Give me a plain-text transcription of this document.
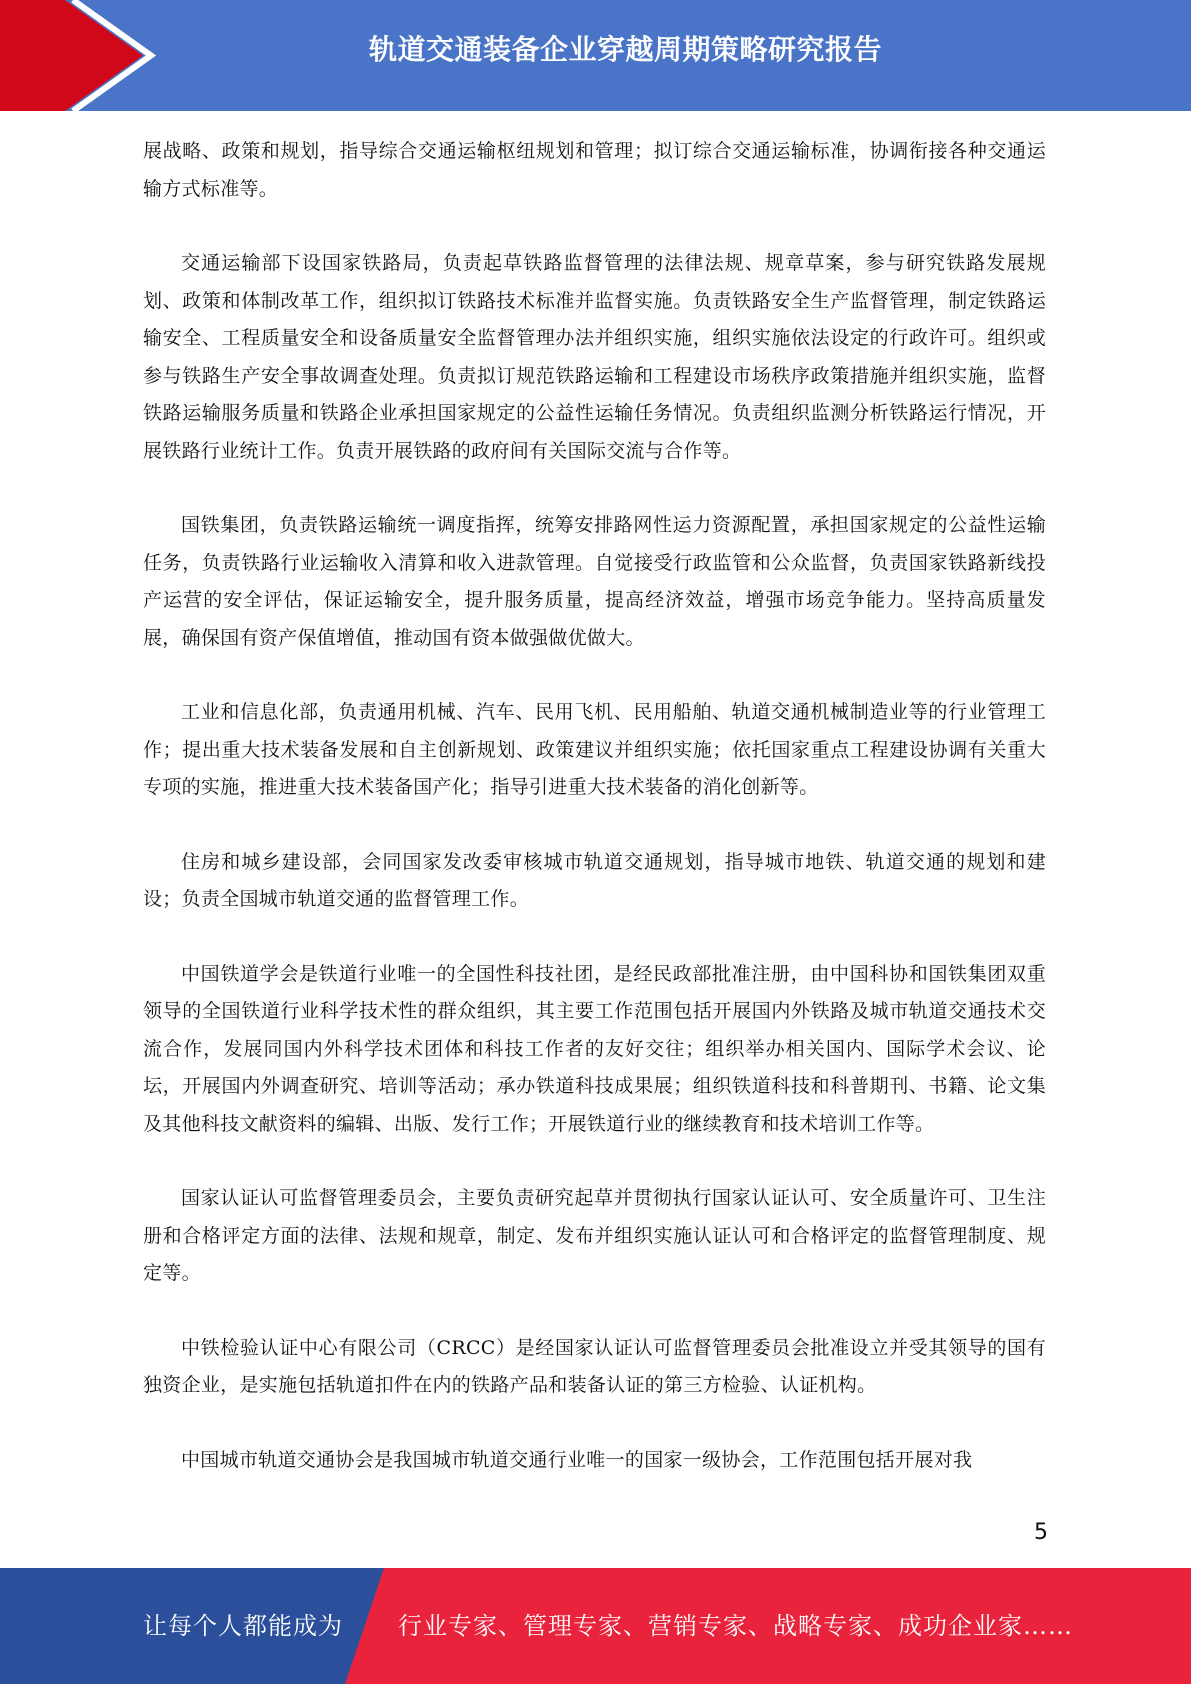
轨道交通装备企业穿越周期策略研究报告

展战略、政策和规划，指导综合交通运输枢纽规划和管理；拟订综合交通运输标准，协调衔接各种交通运输方式标准等。

交通运输部下设国家铁路局，负责起草铁路监督管理的法律法规、规章草案，参与研究铁路发展规划、政策和体制改革工作，组织拟订铁路技术标准并监督实施。负责铁路安全生产监督管理，制定铁路运输安全、工程质量安全和设备质量安全监督管理办法并组织实施，组织实施依法设定的行政许可。组织或参与铁路生产安全事故调查处理。负责拟订规范铁路运输和工程建设市场秩序政策措施并组织实施，监督铁路运输服务质量和铁路企业承担国家规定的公益性运输任务情况。负责组织监测分析铁路运行情况，开展铁路行业统计工作。负责开展铁路的政府间有关国际交流与合作等。

国铁集团，负责铁路运输统一调度指挥，统筹安排路网性运力资源配置，承担国家规定的公益性运输任务，负责铁路行业运输收入清算和收入进款管理。自觉接受行政监管和公众监督，负责国家铁路新线投产运营的安全评估，保证运输安全，提升服务质量，提高经济效益，增强市场竞争能力。坚持高质量发展，确保国有资产保值增值，推动国有资本做强做优做大。

工业和信息化部，负责通用机械、汽车、民用飞机、民用船舶、轨道交通机械制造业等的行业管理工作；提出重大技术装备发展和自主创新规划、政策建议并组织实施；依托国家重点工程建设协调有关重大专项的实施，推进重大技术装备国产化；指导引进重大技术装备的消化创新等。

住房和城乡建设部，会同国家发改委审核城市轨道交通规划，指导城市地铁、轨道交通的规划和建设；负责全国城市轨道交通的监督管理工作。

中国铁道学会是铁道行业唯一的全国性科技社团，是经民政部批准注册，由中国科协和国铁集团双重领导的全国铁道行业科学技术性的群众组织，其主要工作范围包括开展国内外铁路及城市轨道交通技术交流合作，发展同国内外科学技术团体和科技工作者的友好交往；组织举办相关国内、国际学术会议、论坛，开展国内外调查研究、培训等活动；承办铁道科技成果展；组织铁道科技和科普期刊、书籍、论文集及其他科技文献资料的编辑、出版、发行工作；开展铁道行业的继续教育和技术培训工作等。

国家认证认可监督管理委员会，主要负责研究起草并贯彻执行国家认证认可、安全质量许可、卫生注册和合格评定方面的法律、法规和规章，制定、发布并组织实施认证认可和合格评定的监督管理制度、规定等。

中铁检验认证中心有限公司（CRCC）是经国家认证认可监督管理委员会批准设立并受其领导的国有独资企业，是实施包括轨道扣件在内的铁路产品和装备认证的第三方检验、认证机构。

中国城市轨道交通协会是我国城市轨道交通行业唯一的国家一级协会，工作范围包括开展对我

5
让每个人都能成为 行业专家、管理专家、营销专家、战略专家、成功企业家……
